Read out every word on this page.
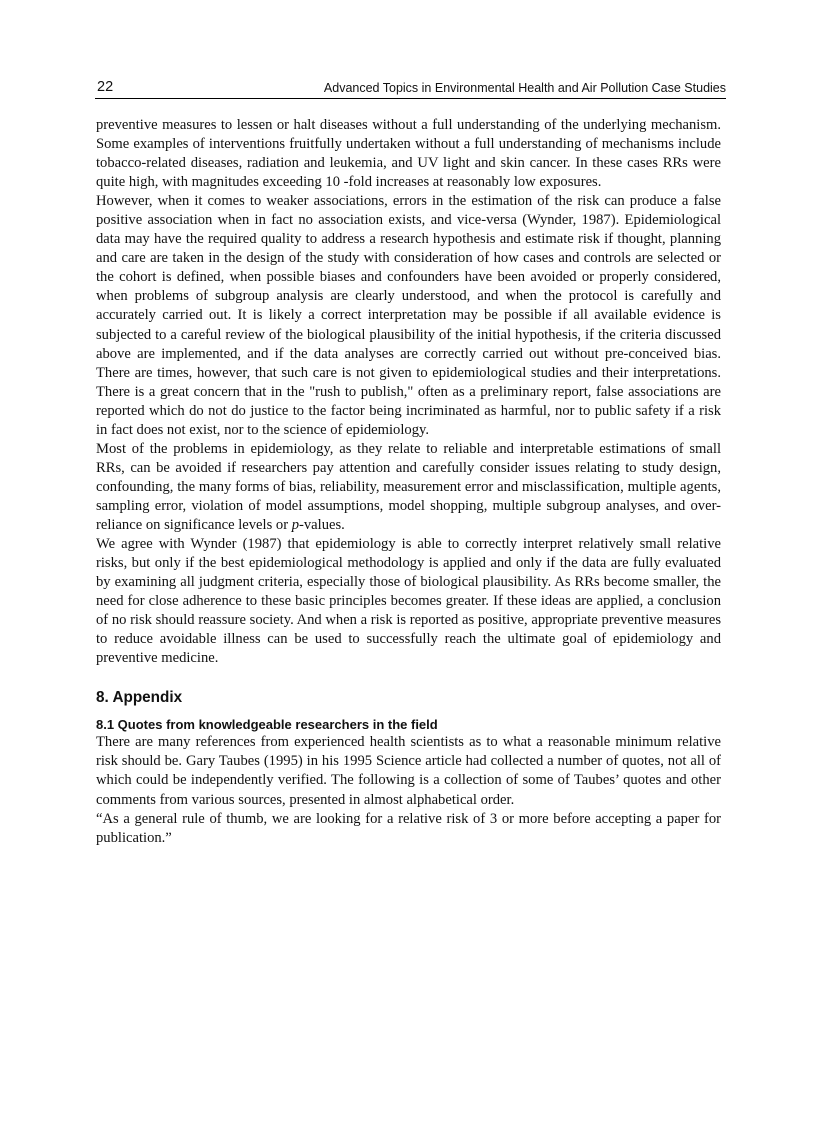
22	Advanced Topics in Environmental Health and Air Pollution Case Studies

preventive measures to lessen or halt diseases without a full understanding of the underlying mechanism. Some examples of interventions fruitfully undertaken without a full understanding of mechanisms include tobacco-related diseases, radiation and leukemia, and UV light and skin cancer. In these cases RRs were quite high, with magnitudes exceeding 10 -fold increases at reasonably low exposures.

However, when it comes to weaker associations, errors in the estimation of the risk can produce a false positive association when in fact no association exists, and vice-versa (Wynder, 1987). Epidemiological data may have the required quality to address a research hypothesis and estimate risk if thought, planning and care are taken in the design of the study with consideration of how cases and controls are selected or the cohort is defined, when possible biases and confounders have been avoided or properly considered, when problems of subgroup analysis are clearly understood, and when the protocol is carefully and accurately carried out. It is likely a correct interpretation may be possible if all available evidence is subjected to a careful review of the biological plausibility of the initial hypothesis, if the criteria discussed above are implemented, and if the data analyses are correctly carried out without pre-conceived bias. There are times, however, that such care is not given to epidemiological studies and their interpretations. There is a great concern that in the "rush to publish," often as a preliminary report, false associations are reported which do not do justice to the factor being incriminated as harmful, nor to public safety if a risk in fact does not exist, nor to the science of epidemiology.

Most of the problems in epidemiology, as they relate to reliable and interpretable estimations of small RRs, can be avoided if researchers pay attention and carefully consider issues relating to study design, confounding, the many forms of bias, reliability, measurement error and misclassification, multiple agents, sampling error, violation of model assumptions, model shopping, multiple subgroup analyses, and over-reliance on significance levels or p-values.

We agree with Wynder (1987) that epidemiology is able to correctly interpret relatively small relative risks, but only if the best epidemiological methodology is applied and only if the data are fully evaluated by examining all judgment criteria, especially those of biological plausibility. As RRs become smaller, the need for close adherence to these basic principles becomes greater. If these ideas are applied, a conclusion of no risk should reassure society. And when a risk is reported as positive, appropriate preventive measures to reduce avoidable illness can be used to successfully reach the ultimate goal of epidemiology and preventive medicine.

8. Appendix
8.1 Quotes from knowledgeable researchers in the field

There are many references from experienced health scientists as to what a reasonable minimum relative risk should be. Gary Taubes (1995) in his 1995 Science article had collected a number of quotes, not all of which could be independently verified. The following is a collection of some of Taubes’ quotes and other comments from various sources, presented in almost alphabetical order.

“As a general rule of thumb, we are looking for a relative risk of 3 or more before accepting a paper for publication.”
